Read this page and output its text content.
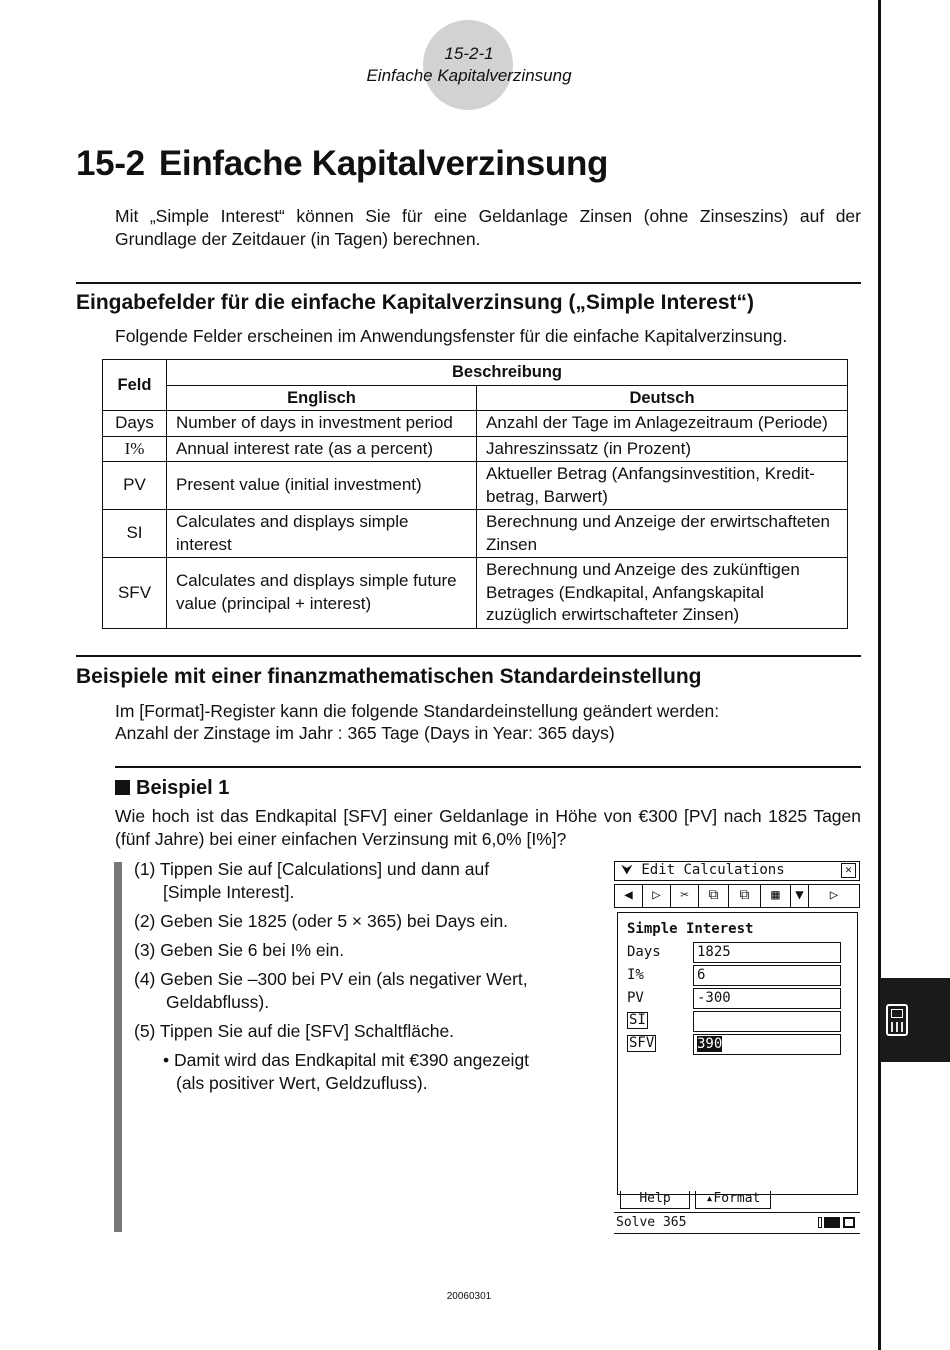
15-2-1
Einfache Kapitalverzinsung
15-2 Einfache Kapitalverzinsung
Mit „Simple Interest“ können Sie für eine Geldanlage Zinsen (ohne Zinseszins) auf der Grundlage der Zeitdauer (in Tagen) berechnen.
Eingabefelder für die einfache Kapitalverzinsung („Simple Interest“)
Folgende Felder erscheinen im Anwendungsfenster für die einfache Kapitalverzinsung.
Feld	Beschreibung	
	Englisch	Deutsch
Days	Number of days in investment period	Anzahl der Tage im Anlagezeitraum (Periode)
I%	Annual interest rate (as a percent)	Jahreszinssatz (in Prozent)
PV	Present value (initial investment)	Aktueller Betrag (Anfangsinvestition, Kredit-betrag, Barwert)
SI	Calculates and displays simple interest	Berechnung und Anzeige der erwirtschafteten Zinsen
SFV	Calculates and displays simple future value (principal + interest)	Berechnung und Anzeige des zukünftigen Betrages (Endkapital, Anfangskapital zuzüglich erwirtschafteter Zinsen)
Beispiele mit einer finanzmathematischen Standardeinstellung
Im [Format]-Register kann die folgende Standardeinstellung geändert werden:
Anzahl der Zinstage im Jahr : 365 Tage (Days in Year: 365 days)
Beispiel 1
Wie hoch ist das Endkapital [SFV] einer Geldanlage in Höhe von €300 [PV] nach 1825 Tagen (fünf Jahre) bei einer einfachen Verzinsung mit 6,0% [I%]?
(1) Tippen Sie auf [Calculations] und dann auf
[Simple Interest].
(2) Geben Sie 1825 (oder 5 × 365) bei Days ein.
(3) Geben Sie 6 bei I% ein.
(4) Geben Sie –300 bei PV ein (als negativer Wert,
Geldabfluss).
(5) Tippen Sie auf die [SFV] Schaltfläche.
• Damit wird das Endkapital mit €390 angezeigt
(als positiver Wert, Geldzufluss).
⮟ Edit Calculations	✕
◀	▷	✂	⧉	⧉	▦	▼	▷
Simple Interest
Days	1825
I%	6
PV	-300
SI
SFV	390
Help	▴Format
Solve 365
20060301
